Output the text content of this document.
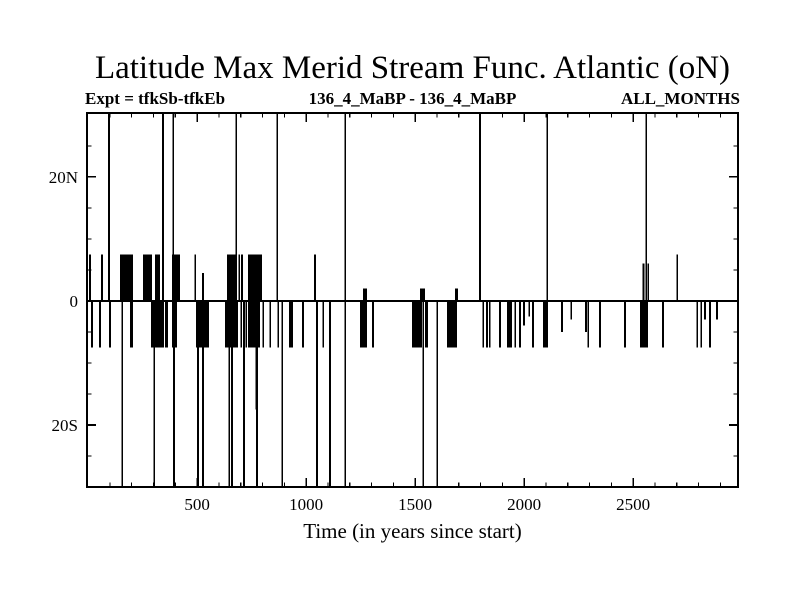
Latitude Max Merid Stream Func. Atlantic (oN)
Expt = tfkSb-tfkEb	136_4_MaBP - 136_4_MaBP	ALL_MONTHS
500	1000	1500	2000	2500
20N
0
20S
Time (in years since start)
